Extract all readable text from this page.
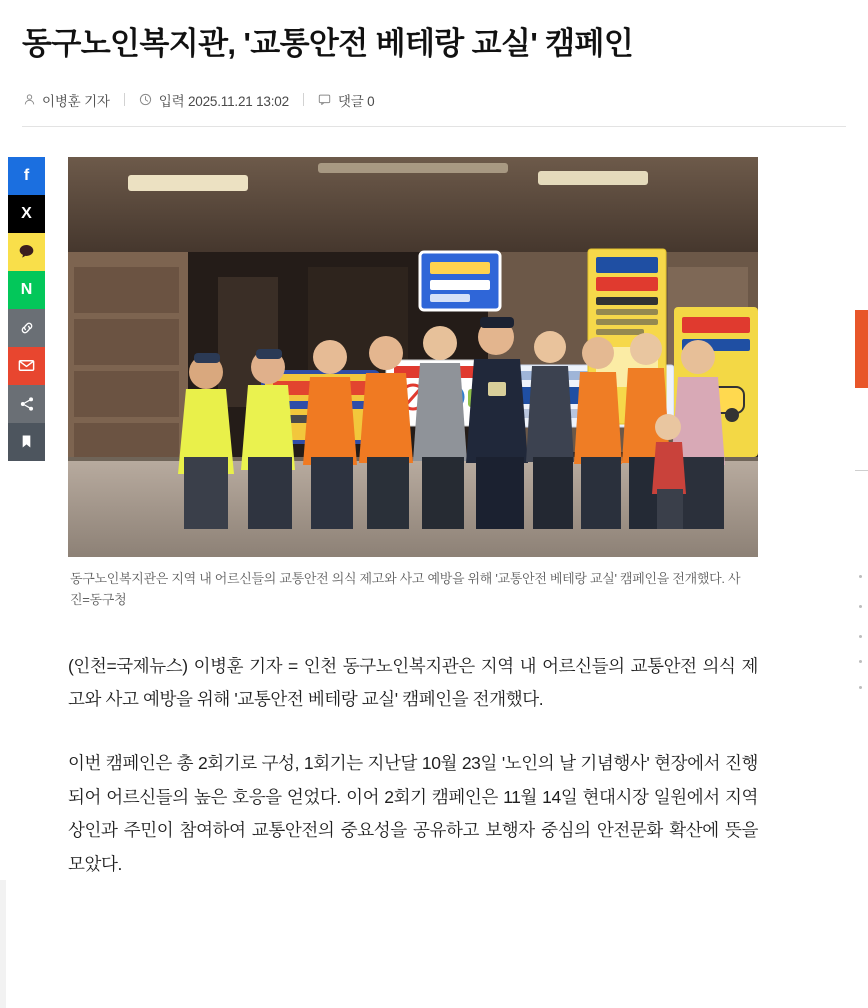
동구노인복지관, '교통안전 베테랑 교실' 캠페인
이병훈 기자	입력 2025.11.21 13:02	댓글 0
f
X
N
동구노인복지관은 지역 내 어르신들의 교통안전 의식 제고와 사고 예방을 위해 '교통안전 베테랑 교실' 캠페인을 전개했다. 사진=동구청

(인천=국제뉴스) 이병훈 기자 = 인천 동구노인복지관은 지역 내 어르신들의 교통안전 의식 제고와 사고 예방을 위해 '교통안전 베테랑 교실' 캠페인을 전개했다.

이번 캠페인은 총 2회기로 구성, 1회기는 지난달 10월 23일 '노인의 날 기념행사' 현장에서 진행되어 어르신들의 높은 호응을 얻었다. 이어 2회기 캠페인은 11월 14일 현대시장 일원에서 지역 상인과 주민이 참여하여 교통안전의 중요성을 공유하고 보행자 중심의 안전문화 확산에 뜻을 모았다.
